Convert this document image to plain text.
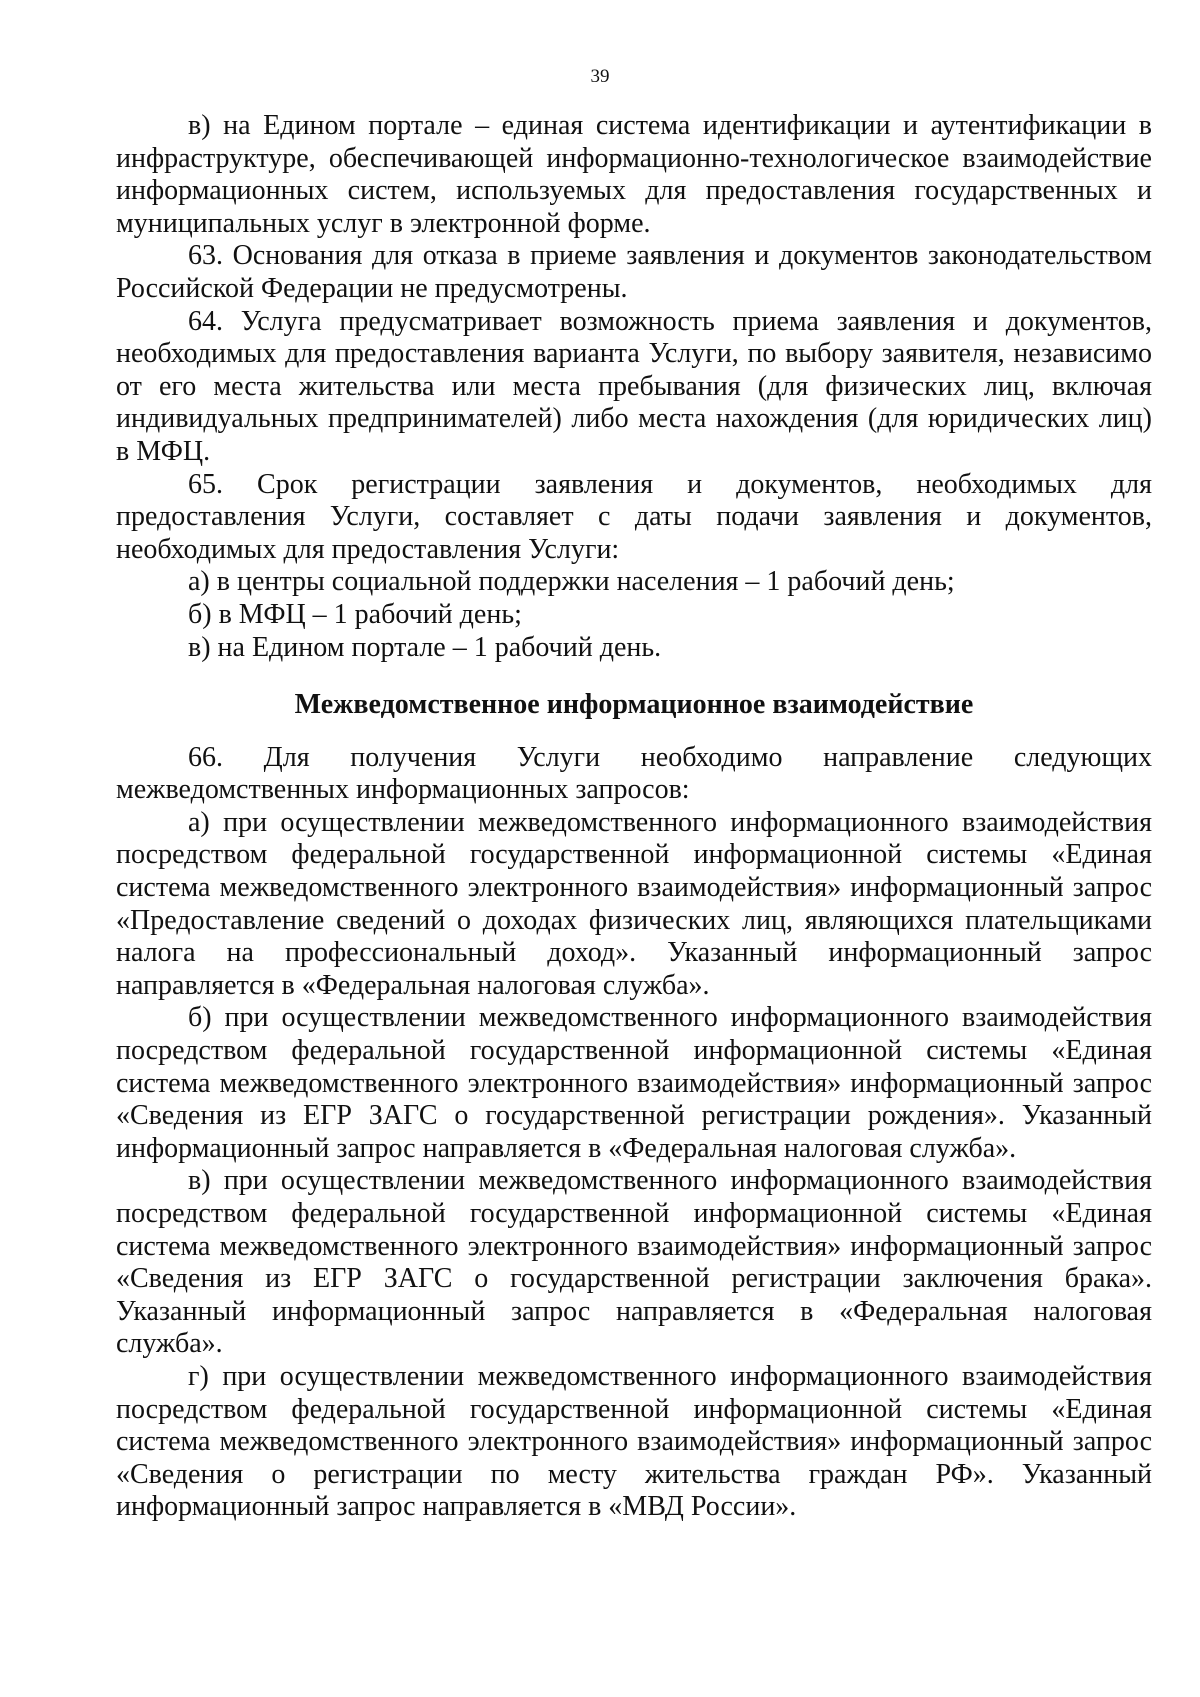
39

в) на Едином портале – единая система идентификации и аутентификации в инфраструктуре, обеспечивающей информационно-технологическое взаимодействие информационных систем, используемых для предоставления государственных и муниципальных услуг в электронной форме.

63. Основания для отказа в приеме заявления и документов законодательством Российской Федерации не предусмотрены.

64. Услуга предусматривает возможность приема заявления и документов, необходимых для предоставления варианта Услуги, по выбору заявителя, независимо от его места жительства или места пребывания (для физических лиц, включая индивидуальных предпринимателей) либо места нахождения (для юридических лиц) в МФЦ.

65. Срок регистрации заявления и документов, необходимых для предоставления Услуги, составляет с даты подачи заявления и документов, необходимых для предоставления Услуги:

а) в центры социальной поддержки населения – 1 рабочий день;

б) в МФЦ – 1 рабочий день;

в) на Едином портале – 1 рабочий день.

Межведомственное информационное взаимодействие

66. Для получения Услуги необходимо направление следующих межведомственных информационных запросов:

а) при осуществлении межведомственного информационного взаимодействия посредством федеральной государственной информационной системы «Единая система межведомственного электронного взаимодействия» информационный запрос «Предоставление сведений о доходах физических лиц, являющихся плательщиками налога на профессиональный доход». Указанный информационный запрос направляется в «Федеральная налоговая служба».

б) при осуществлении межведомственного информационного взаимодействия посредством федеральной государственной информационной системы «Единая система межведомственного электронного взаимодействия» информационный запрос «Сведения из ЕГР ЗАГС о государственной регистрации рождения». Указанный информационный запрос направляется в «Федеральная налоговая служба».

в) при осуществлении межведомственного информационного взаимодействия посредством федеральной государственной информационной системы «Единая система межведомственного электронного взаимодействия» информационный запрос «Сведения из ЕГР ЗАГС о государственной регистрации заключения брака». Указанный информационный запрос направляется в «Федеральная налоговая служба».

г) при осуществлении межведомственного информационного взаимодействия посредством федеральной государственной информационной системы «Единая система межведомственного электронного взаимодействия» информационный запрос «Сведения о регистрации по месту жительства граждан РФ». Указанный информационный запрос направляется в «МВД России».
